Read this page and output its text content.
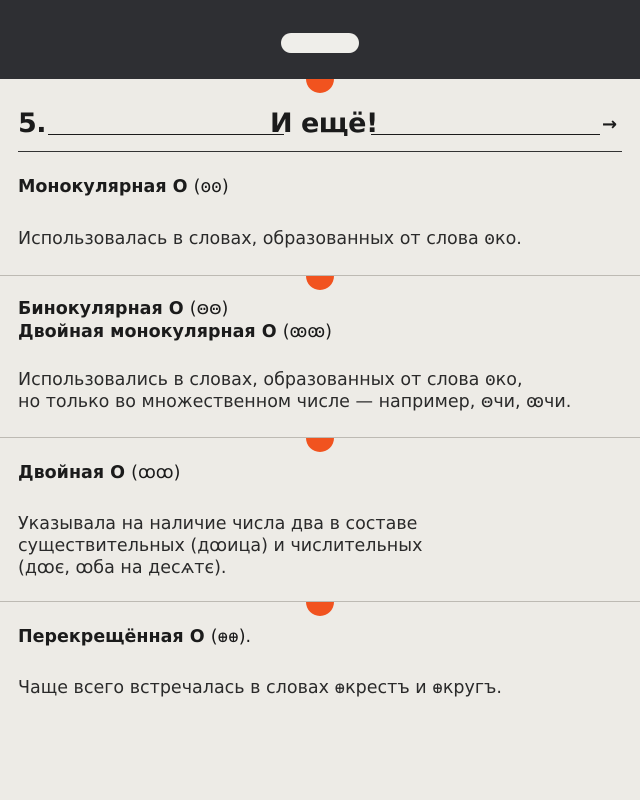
5.	И ещё!	→

Монокулярная О (ꙩꙩ)

Использовалась в словах, образованных от слова ꙩко.

Бинокулярная О (ꙫꙫ)
Двойная монокулярная О (ꙭꙭ)

Использовались в словах, образованных от слова ꙩко,
но только во множественном числе — например, ꙫчи, ꙭчи.

Двойная О (ꚙꚙ)

Указывала на наличие числа два в составе
существительных (дꚙица) и числительных
(дꚙє, ꚙба на десѧтє).

Перекрещённая О (ꚛꚛ).

Чаще всего встречалась в словах ꚛкрестъ и ꚛкругъ.
